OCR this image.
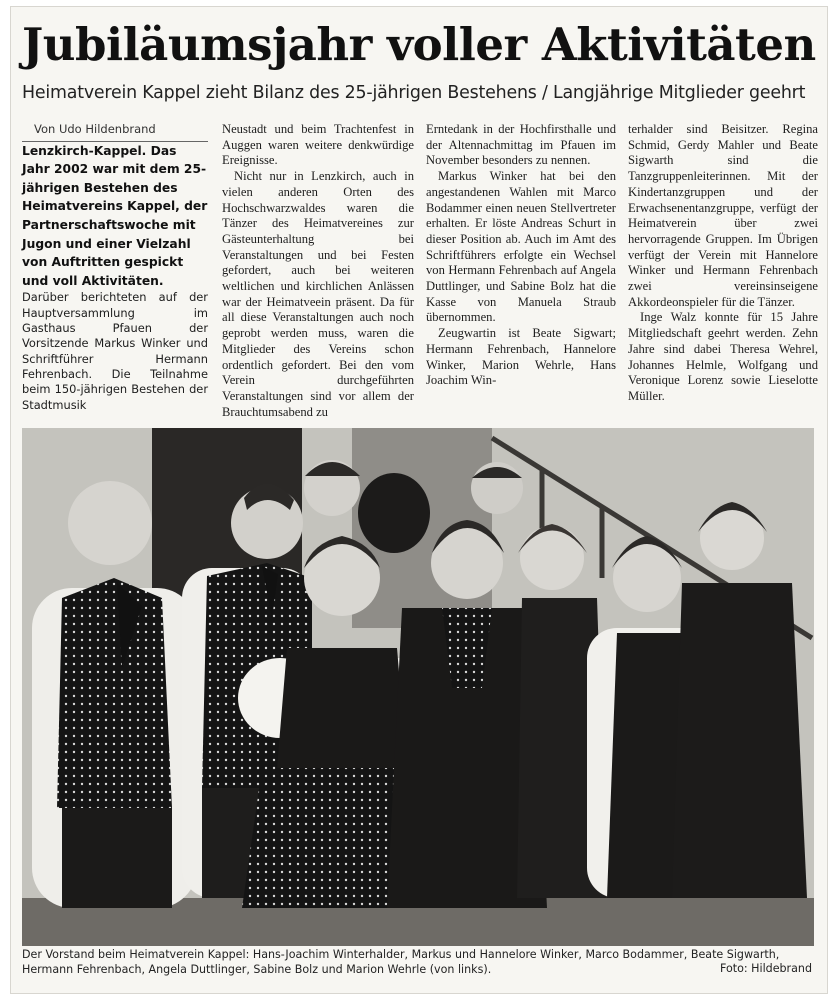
Jubiläumsjahr voller Aktivitäten
Heimatverein Kappel zieht Bilanz des 25-jährigen Bestehens / Langjährige Mitglieder geehrt

Von Udo Hildenbrand

Lenzkirch-Kappel. Das Jahr 2002 war mit dem 25-jährigen Bestehen des Heimatvereins Kappel, der Partnerschaftswoche mit Jugon und einer Vielzahl von Auftritten gespickt und voll Aktivitäten.

Darüber berichteten auf der Hauptversammlung im Gasthaus Pfauen der Vorsitzende Markus Winker und Schriftführer Hermann Fehrenbach. Die Teilnahme beim 150-jährigen Bestehen der Stadtmusik

Neustadt und beim Trachtenfest in Auggen waren weitere denkwürdige Ereignisse.

Nicht nur in Lenzkirch, auch in vielen anderen Orten des Hochschwarzwaldes waren die Tänzer des Heimatvereines zur Gästeunterhaltung bei Veranstaltungen und bei Festen gefordert, auch bei weiteren weltlichen und kirchlichen Anlässen war der Heimatveein präsent. Da für all diese Veranstaltungen auch noch geprobt werden muss, waren die Mitglieder des Vereins schon ordentlich gefordert. Bei den vom Verein durchgeführten Veranstaltungen sind vor allem der Brauchtumsabend zu

Erntedank in der Hochfirsthalle und der Altennachmittag im Pfauen im November besonders zu nennen.

Markus Winker hat bei den angestandenen Wahlen mit Marco Bodammer einen neuen Stellvertreter erhalten. Er löste Andreas Schurt in dieser Position ab. Auch im Amt des Schriftführers erfolgte ein Wechsel von Hermann Fehrenbach auf Angela Duttlinger, und Sabine Bolz hat die Kasse von Manuela Straub übernommen.

Zeugwartin ist Beate Sigwart; Hermann Fehrenbach, Hannelore Winker, Marion Wehrle, Hans Joachim Win-

terhalder sind Beisitzer. Regina Schmid, Gerdy Mahler und Beate Sigwarth sind die Tanzgruppenleiterinnen. Mit der Kindertanzgruppen und der Erwachsenentanzgruppe, verfügt der Heimatverein über zwei hervorragende Gruppen. Im Übrigen verfügt der Verein mit Hannelore Winker und Hermann Fehrenbach zwei vereinsinseigene Akkordeonspieler für die Tänzer.

Inge Walz konnte für 15 Jahre Mitgliedschaft geehrt werden. Zehn Jahre sind dabei Theresa Wehrel, Johannes Helmle, Wolfgang und Veronique Lorenz sowie Lieselotte Müller.

Der Vorstand beim Heimatverein Kappel: Hans-Joachim Winterhalder, Markus und Hannelore Winker, Marco Bodammer, Beate Sigwarth, Hermann Fehrenbach, Angela Duttlinger, Sabine Bolz und Marion Wehrle (von links).	Foto: Hildebrand
